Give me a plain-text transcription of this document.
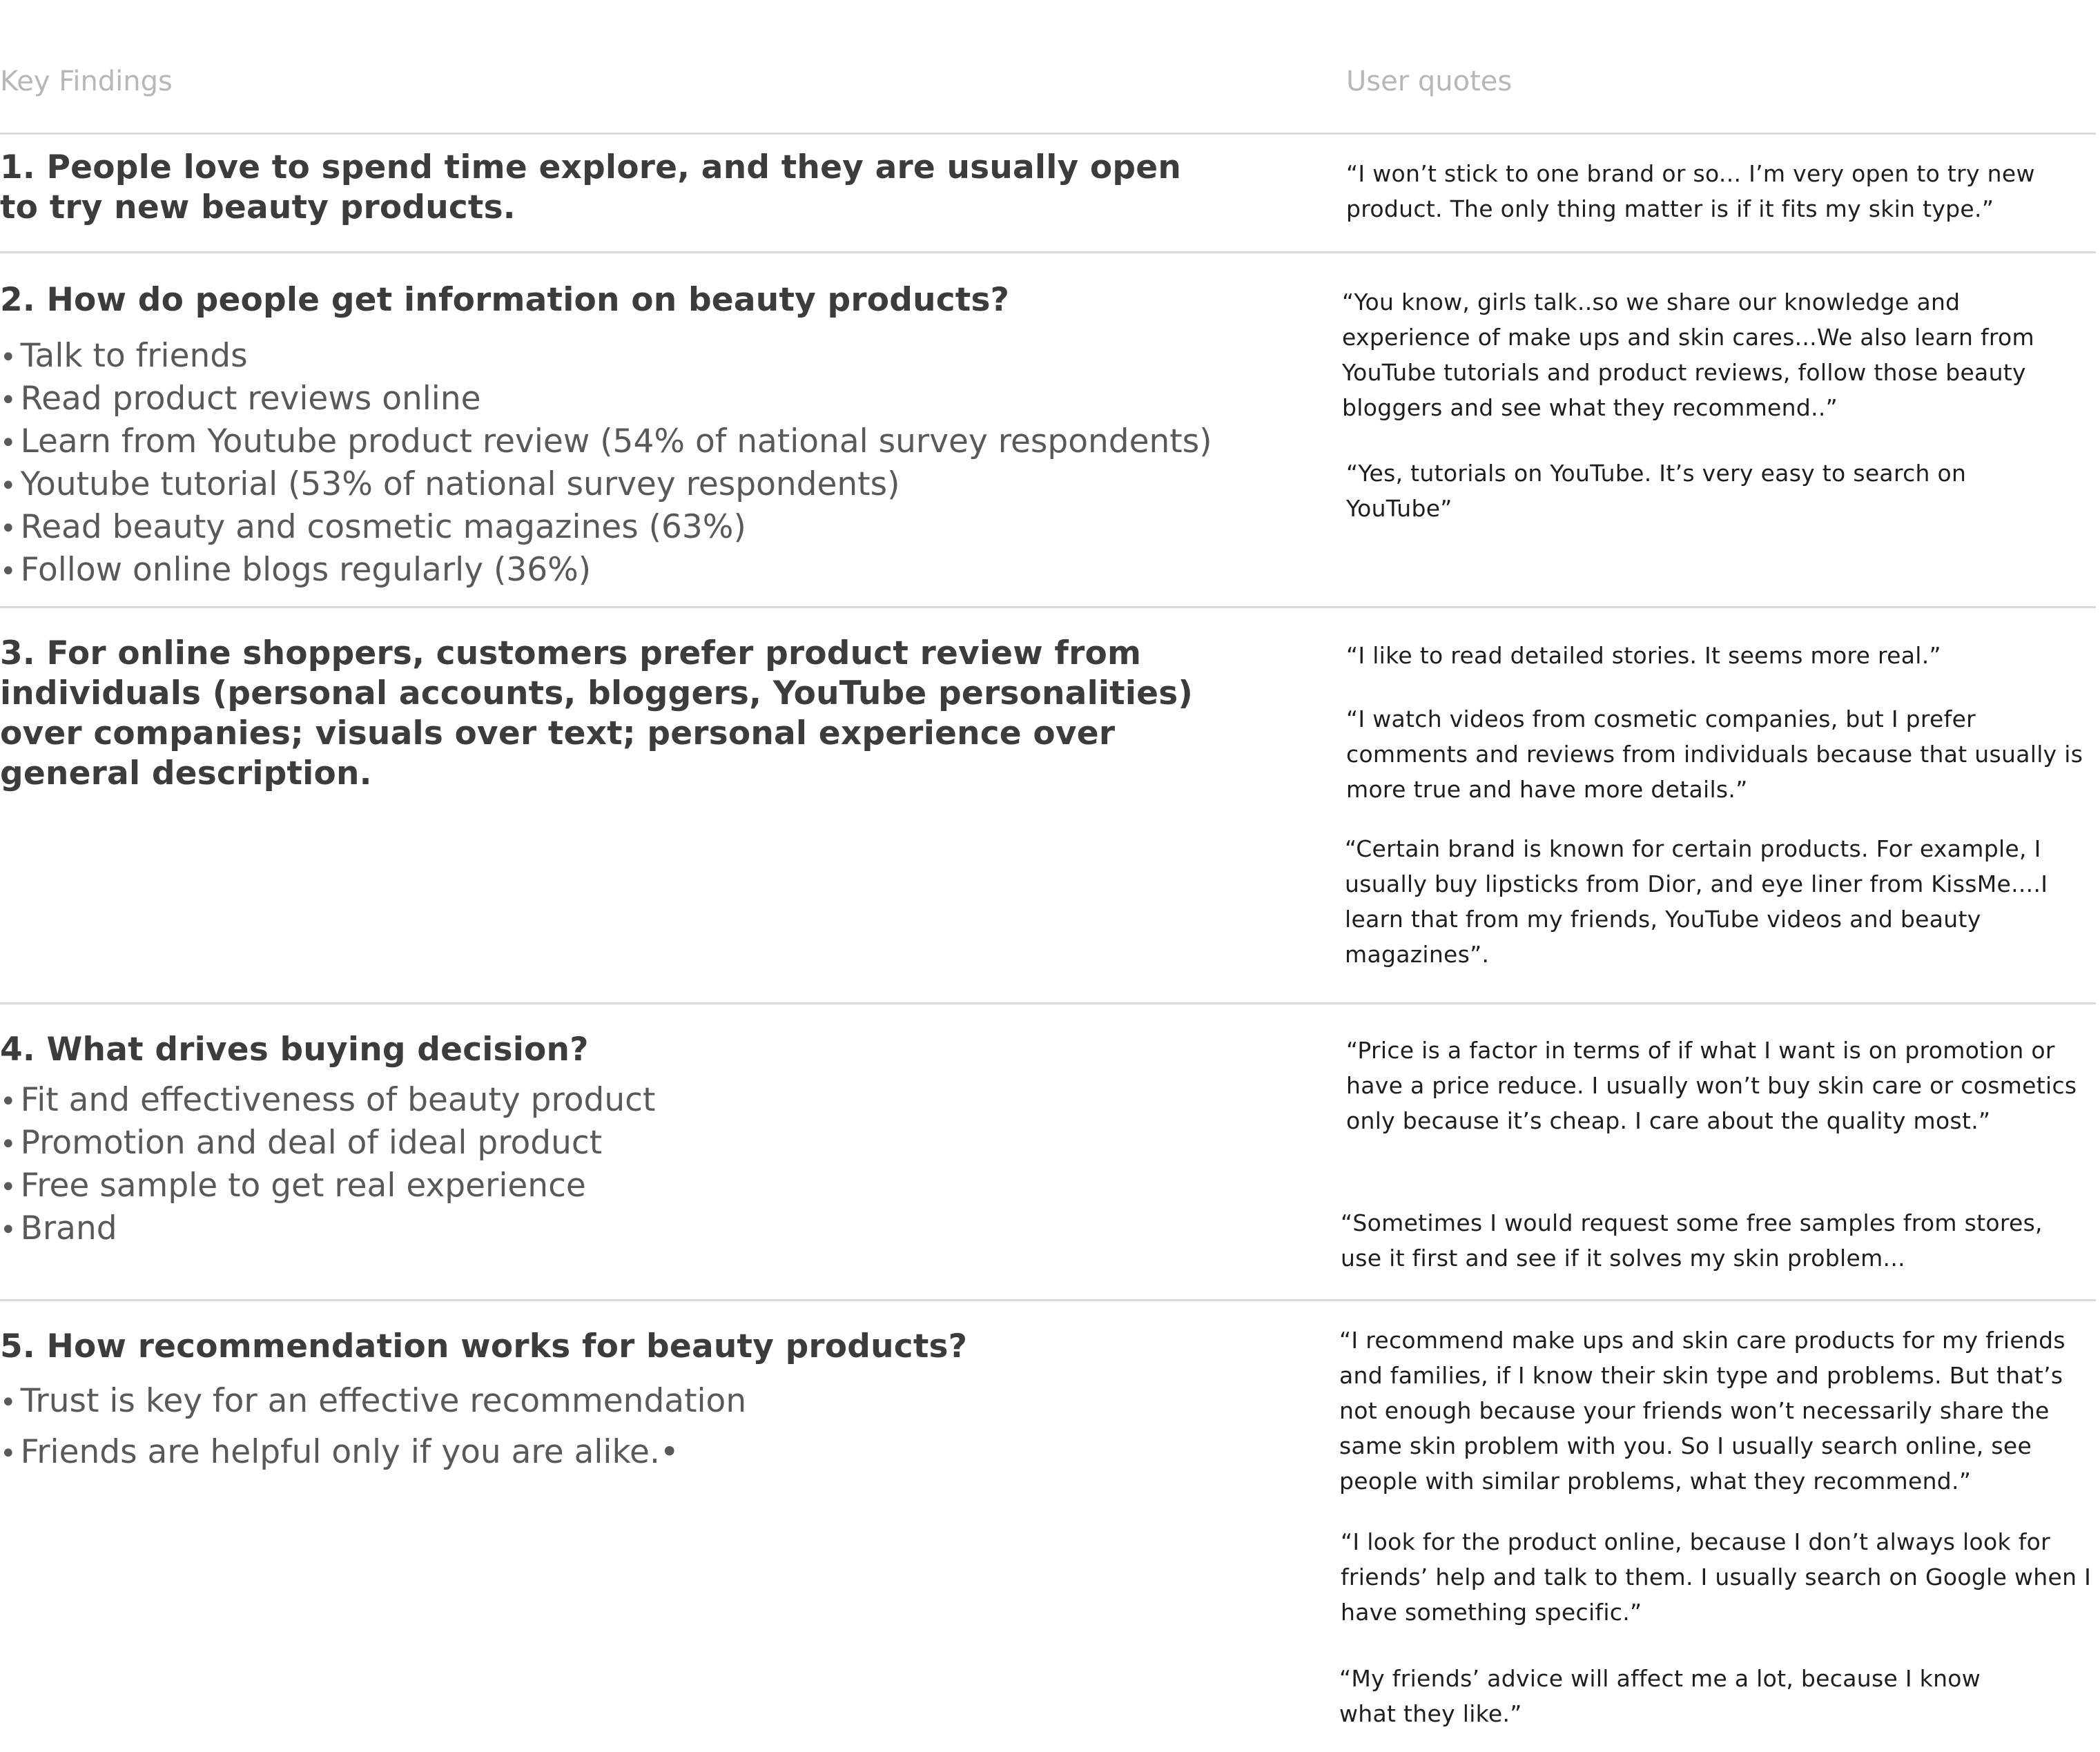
Key Findings	User quotes
1. People love to spend time explore, and they are usually open to try new beauty products.

“I won’t stick to one brand or so... I’m very open to try new product. The only thing matter is if it fits my skin type.”

2. How do people get information on beauty products?
• Talk to friends
• Read product reviews online
• Learn from Youtube product review (54% of national survey respondents)
• Youtube tutorial (53% of national survey respondents)
• Read beauty and cosmetic magazines (63%)
• Follow online blogs regularly (36%)

“You know, girls talk..so we share our knowledge and experience of make ups and skin cares...We also learn from YouTube tutorials and product reviews, follow those beauty bloggers and see what they recommend..”

“Yes, tutorials on YouTube. It’s very easy to search on YouTube”

3. For online shoppers, customers prefer product review from individuals (personal accounts, bloggers, YouTube personalities) over companies; visuals over text; personal experience over general description.

“I like to read detailed stories. It seems more real.”

“I watch videos from cosmetic companies, but I prefer comments and reviews from individuals because that usually is more true and have more details.”

“Certain brand is known for certain products. For example, I usually buy lipsticks from Dior, and eye liner from KissMe....I learn that from my friends, YouTube videos and beauty magazines”.

4. What drives buying decision?
• Fit and effectiveness of beauty product
• Promotion and deal of ideal product
• Free sample to get real experience
• Brand

“Price is a factor in terms of if what I want is on promotion or have a price reduce. I usually won’t buy skin care or cosmetics only because it’s cheap. I care about the quality most.”

“Sometimes I would request some free samples from stores, use it first and see if it solves my skin problem...

5. How recommendation works for beauty products?
• Trust is key for an effective recommendation
• Friends are helpful only if you are alike.•

“I recommend make ups and skin care products for my friends and families, if I know their skin type and problems. But that’s not enough because your friends won’t necessarily share the same skin problem with you. So I usually search online, see people with similar problems, what they recommend.”

“I look for the product online, because I don’t always look for friends’ help and talk to them. I usually search on Google when I have something specific.”

“My friends’ advice will affect me a lot, because I know what they like.”
